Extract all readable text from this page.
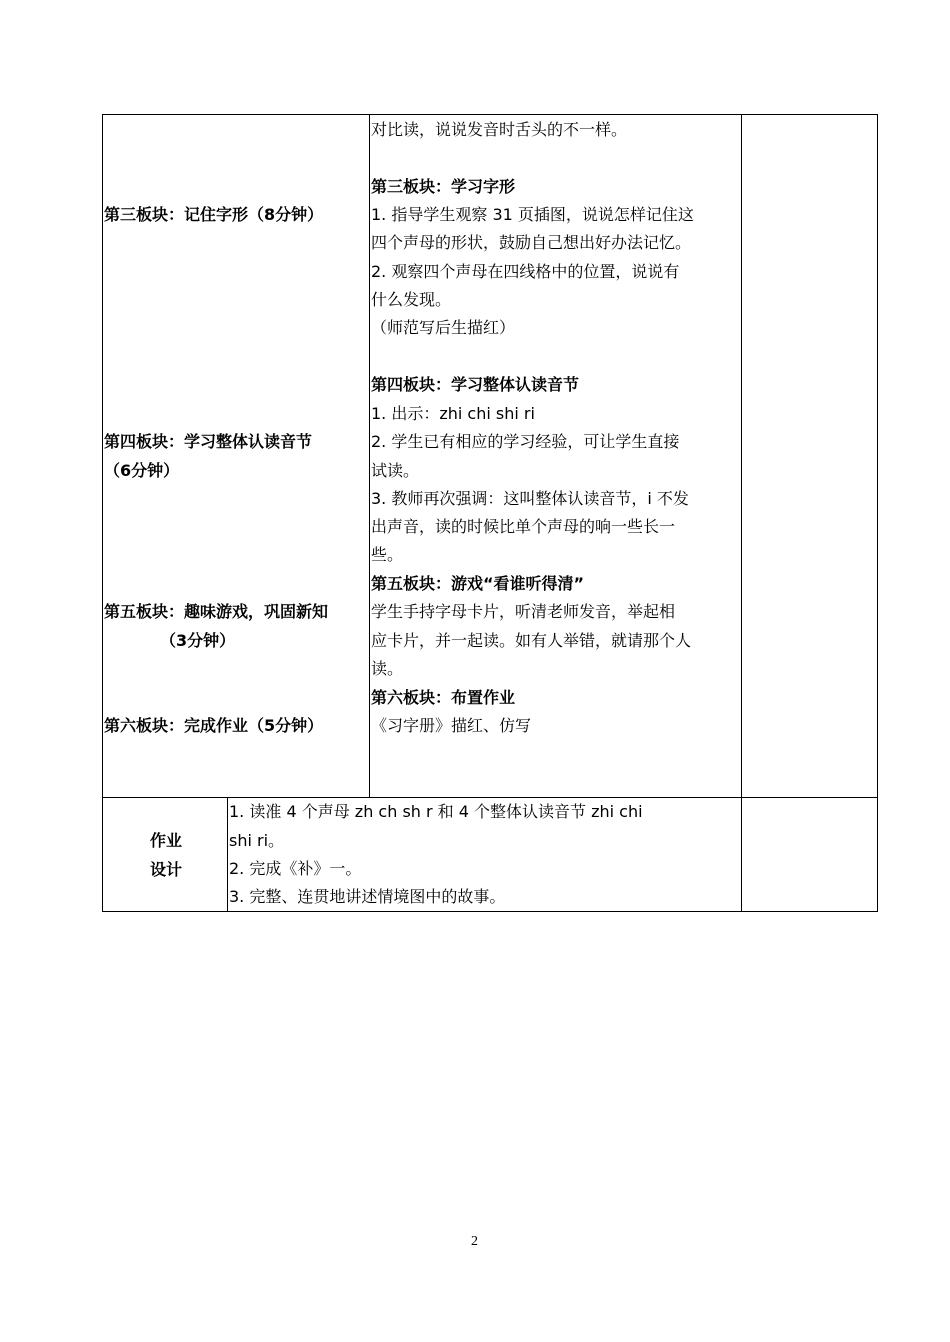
第三板块：记住字形（8分钟）
第四板块：学习整体认读音节
（6分钟）
第五板块：趣味游戏，巩固新知
（3分钟）
第六板块：完成作业（5分钟）
对比读，说说发音时舌头的不一样。
第三板块：学习字形
1. 指导学生观察 31 页插图，说说怎样记住这
四个声母的形状，鼓励自己想出好办法记忆。
2. 观察四个声母在四线格中的位置，说说有
什么发现。
（师范写后生描红）
第四板块：学习整体认读音节
1. 出示：zhi chi shi ri
2. 学生已有相应的学习经验，可让学生直接
试读。
3. 教师再次强调：这叫整体认读音节，i 不发
出声音，读的时候比单个声母的响一些长一
些。
第五板块：游戏“看谁听得清”
学生手持字母卡片，听清老师发音，举起相
应卡片，并一起读。如有人举错，就请那个人
读。
第六板块：布置作业
《习字册》描红、仿写
作业
设计
1. 读准 4 个声母 zh ch sh r 和 4 个整体认读音节 zhi chi
shi ri。
2. 完成《补》一。
3. 完整、连贯地讲述情境图中的故事。
2
